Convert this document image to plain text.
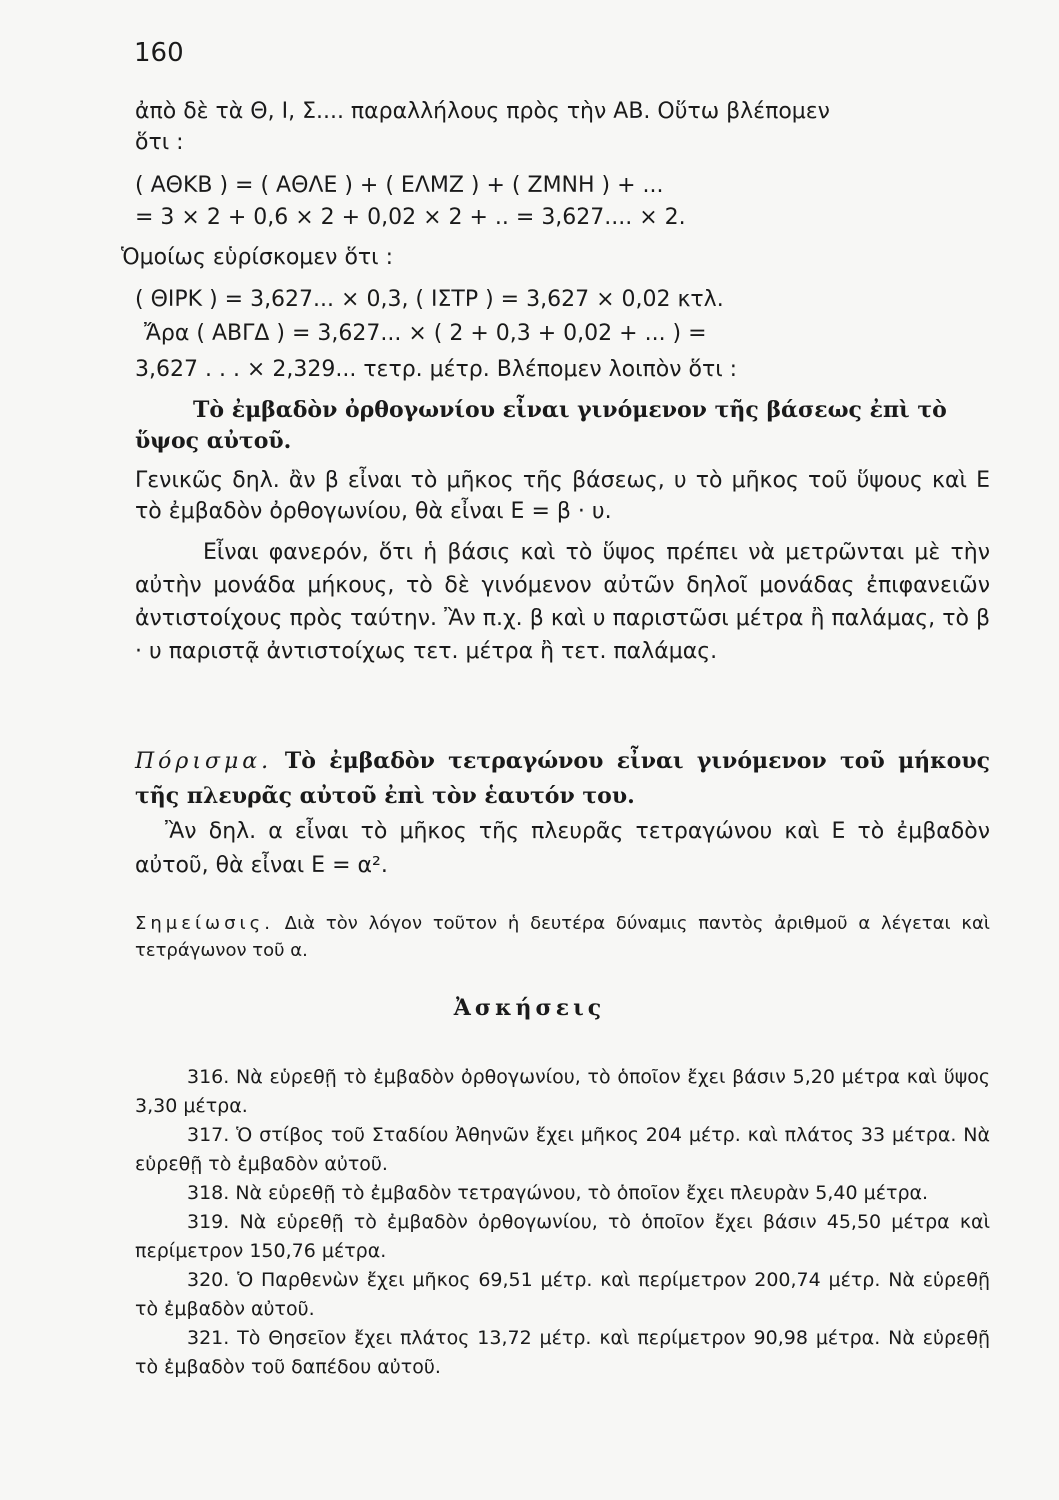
160
ἀπὸ δὲ τὰ Θ, Ι, Σ.... παραλλήλους πρὸς τὴν ΑΒ. Οὕτω βλέπομεν
ὅτι :
( ΑΘΚΒ ) = ( ΑΘΛΕ ) + ( ΕΛΜΖ ) + ( ΖΜΝΗ ) + ...
= 3 × 2 + 0,6 × 2 + 0,02 × 2 + .. = 3,627.... × 2.
Ὁμοίως εὑρίσκομεν ὅτι :
( ΘΙΡΚ ) = 3,627... × 0,3, ( ΙΣΤΡ ) = 3,627 × 0,02 κτλ.
Ἄρα ( ΑΒΓΔ ) = 3,627... × ( 2 + 0,3 + 0,02 + ... ) =
3,627 . . . × 2,329... τετρ. μέτρ. Βλέπομεν λοιπὸν ὅτι :

Τὸ ἐμβαδὸν ὀρθογωνίου εἶναι γινόμενον τῆς βάσεως ἐπὶ τὸ ὕψος αὐτοῦ.

Γενικῶς δηλ. ἂν β εἶναι τὸ μῆκος τῆς βάσεως, υ τὸ μῆκος τοῦ ὕψους καὶ Ε τὸ ἐμβαδὸν ὀρθογωνίου, θὰ εἶναι Ε = β · υ.

Εἶναι φανερόν, ὅτι ἡ βάσις καὶ τὸ ὕψος πρέπει νὰ μετρῶνται μὲ τὴν αὐτὴν μονάδα μήκους, τὸ δὲ γινόμενον αὐτῶν δηλοῖ μονάδας ἐπιφανειῶν ἀντιστοίχους πρὸς ταύτην. Ἂν π.χ. β καὶ υ παριστῶσι μέτρα ἢ παλάμας, τὸ β · υ παριστᾷ ἀντιστοίχως τετ. μέτρα ἢ τετ. παλάμας.

Πόρισμα. Τὸ ἐμβαδὸν τετραγώνου εἶναι γινόμενον τοῦ μήκους τῆς πλευρᾶς αὐτοῦ ἐπὶ τὸν ἑαυτόν του.

Ἂν δηλ. α εἶναι τὸ μῆκος τῆς πλευρᾶς τετραγώνου καὶ Ε τὸ ἐμβαδὸν αὐτοῦ, θὰ εἶναι Ε = α².

Σημείωσις. Διὰ τὸν λόγον τοῦτον ἡ δευτέρα δύναμις παντὸς ἀριθμοῦ α λέγεται καὶ τετράγωνον τοῦ α.

Ἀσκήσεις

316. Νὰ εὑρεθῇ τὸ ἐμβαδὸν ὀρθογωνίου, τὸ ὁποῖον ἔχει βάσιν 5,20 μέτρα καὶ ὕψος 3,30 μέτρα.

317. Ὁ στίβος τοῦ Σταδίου Ἀθηνῶν ἔχει μῆκος 204 μέτρ. καὶ πλάτος 33 μέτρα. Νὰ εὑρεθῇ τὸ ἐμβαδὸν αὐτοῦ.

318. Νὰ εὑρεθῇ τὸ ἐμβαδὸν τετραγώνου, τὸ ὁποῖον ἔχει πλευρὰν 5,40 μέτρα.

319. Νὰ εὑρεθῇ τὸ ἐμβαδὸν ὀρθογωνίου, τὸ ὁποῖον ἔχει βάσιν 45,50 μέτρα καὶ περίμετρον 150,76 μέτρα.

320. Ὁ Παρθενὼν ἔχει μῆκος 69,51 μέτρ. καὶ περίμετρον 200,74 μέτρ. Νὰ εὑρεθῇ τὸ ἐμβαδὸν αὐτοῦ.

321. Τὸ Θησεῖον ἔχει πλάτος 13,72 μέτρ. καὶ περίμετρον 90,98 μέτρα. Νὰ εὑρεθῇ τὸ ἐμβαδὸν τοῦ δαπέδου αὐτοῦ.
